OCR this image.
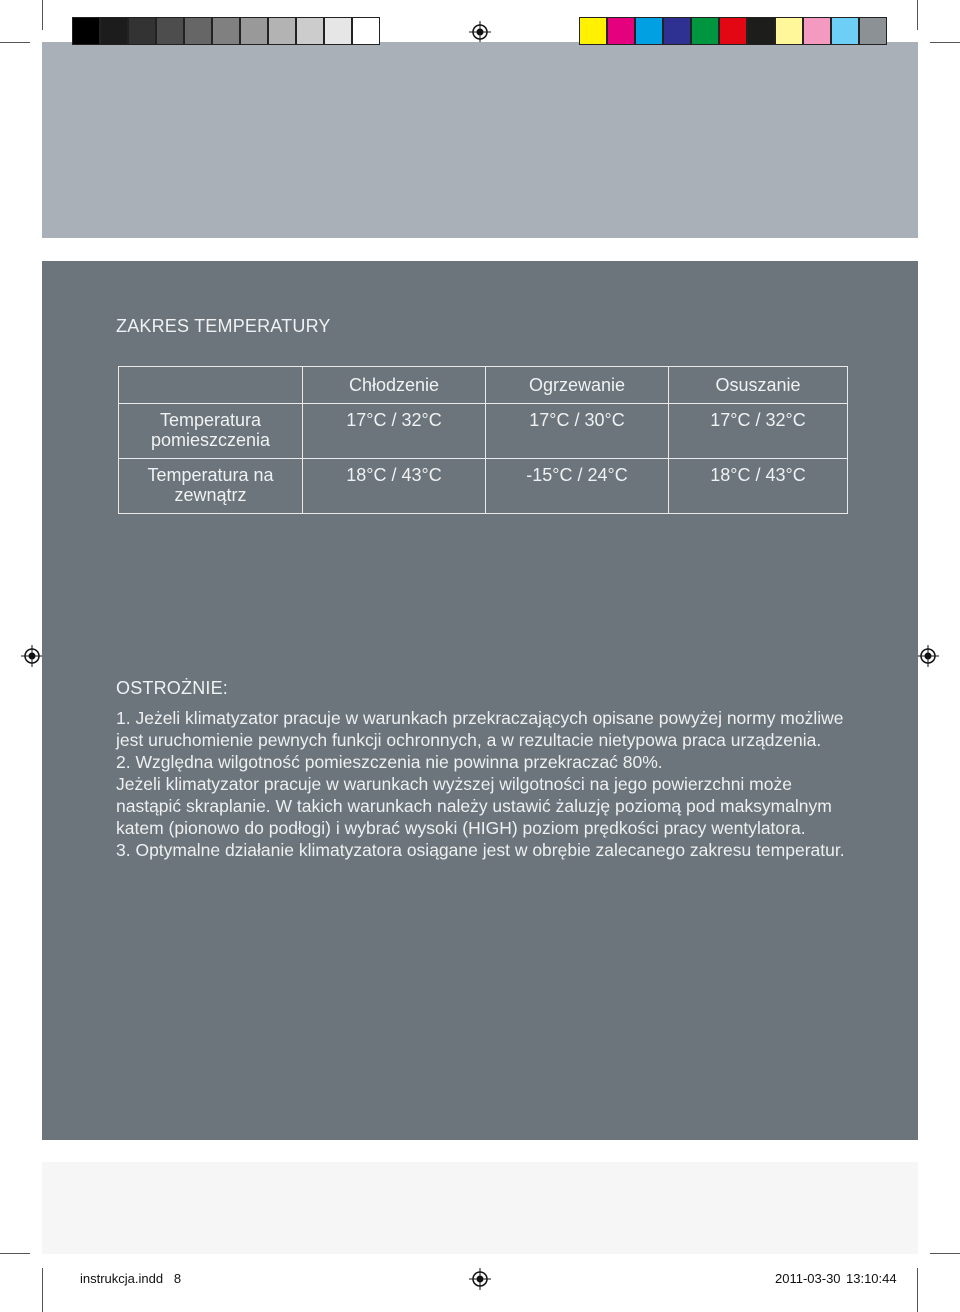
ZAKRES TEMPERATURY
	Chłodzenie	Ogrzewanie	Osuszanie
Temperatura pomieszczenia	17°C / 32°C	17°C / 30°C	17°C / 32°C
Temperatura na zewnątrz	18°C / 43°C	-15°C / 24°C	18°C / 43°C
OSTROŻNIE:

1. Jeżeli klimatyzator pracuje w warunkach przekraczających opisane powyżej normy możliwe jest uruchomienie pewnych funkcji ochronnych, a w rezultacie nietypowa praca urządzenia.

2. Względna wilgotność pomieszczenia nie powinna przekraczać 80%.

Jeżeli klimatyzator pracuje w warunkach wyższej wilgotności na jego powierzchni może nastąpić skraplanie. W takich warunkach należy ustawić żaluzję poziomą pod maksymalnym katem (pionowo do podłogi) i wybrać wysoki (HIGH) poziom prędkości pracy wentylatora.

3. Optymalne działanie klimatyzatora osiągane jest w obrębie zalecanego zakresu temperatur.

instrukcja.indd   8	2011-03-30 13:10:44
